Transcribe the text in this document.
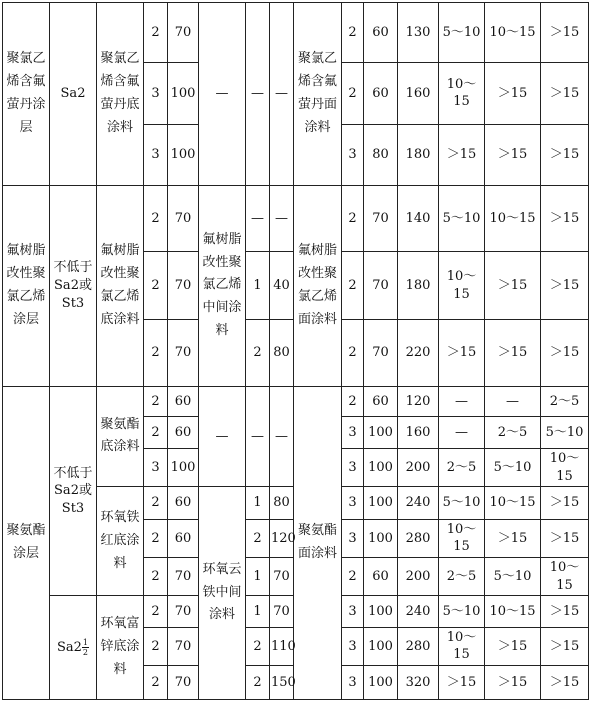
聚氯乙烯含氟萤丹涂层	Sa2	聚氯乙烯含氟萤丹底涂料	2	70	—	—	—	聚氯乙烯含氟萤丹面涂料	2	60	130	5～10	10～15	＞15
			3	100					2	60	160	10～15	＞15	＞15
			3	100					3	80	180	＞15	＞15	＞15
氟树脂改性聚氯乙烯涂层	不低于Sa2或St3	氟树脂改性聚氯乙烯底涂料	2	70	氟树脂改性聚氯乙烯中间涂料	—	—	氟树脂改性聚氯乙烯面涂料	2	70	140	5～10	10～15	＞15
			2	70		1	40		2	70	180	10～15	＞15	＞15
			2	70		2	80		2	70	220	＞15	＞15	＞15
聚氨酯涂层	不低于Sa2或St3	聚氨酯底涂料	2	60	—	—	—	聚氨酯面涂料	2	60	120	—	—	2～5
			2	60					3	100	160	—	2～5	5～10
			3	100					3	100	200	2～5	5～10	10～15
		环氧铁红底涂料	2	60	环氧云铁中间涂料	1	80		3	100	240	5～10	10～15	＞15
			2	60		2	120		3	100	280	10～15	＞15	＞15
			2	70		1	70		2	60	200	2～5	5～10	10～15
	$Sa2 \frac{1}{2}$	环氧富锌底涂料	2	70		1	70		3	100	240	5～10	10～15	＞15
			2	70		2	110		3	100	280	10～15	＞15	＞15
			2	70		2	150		3	100	320	＞15	＞15	＞15
